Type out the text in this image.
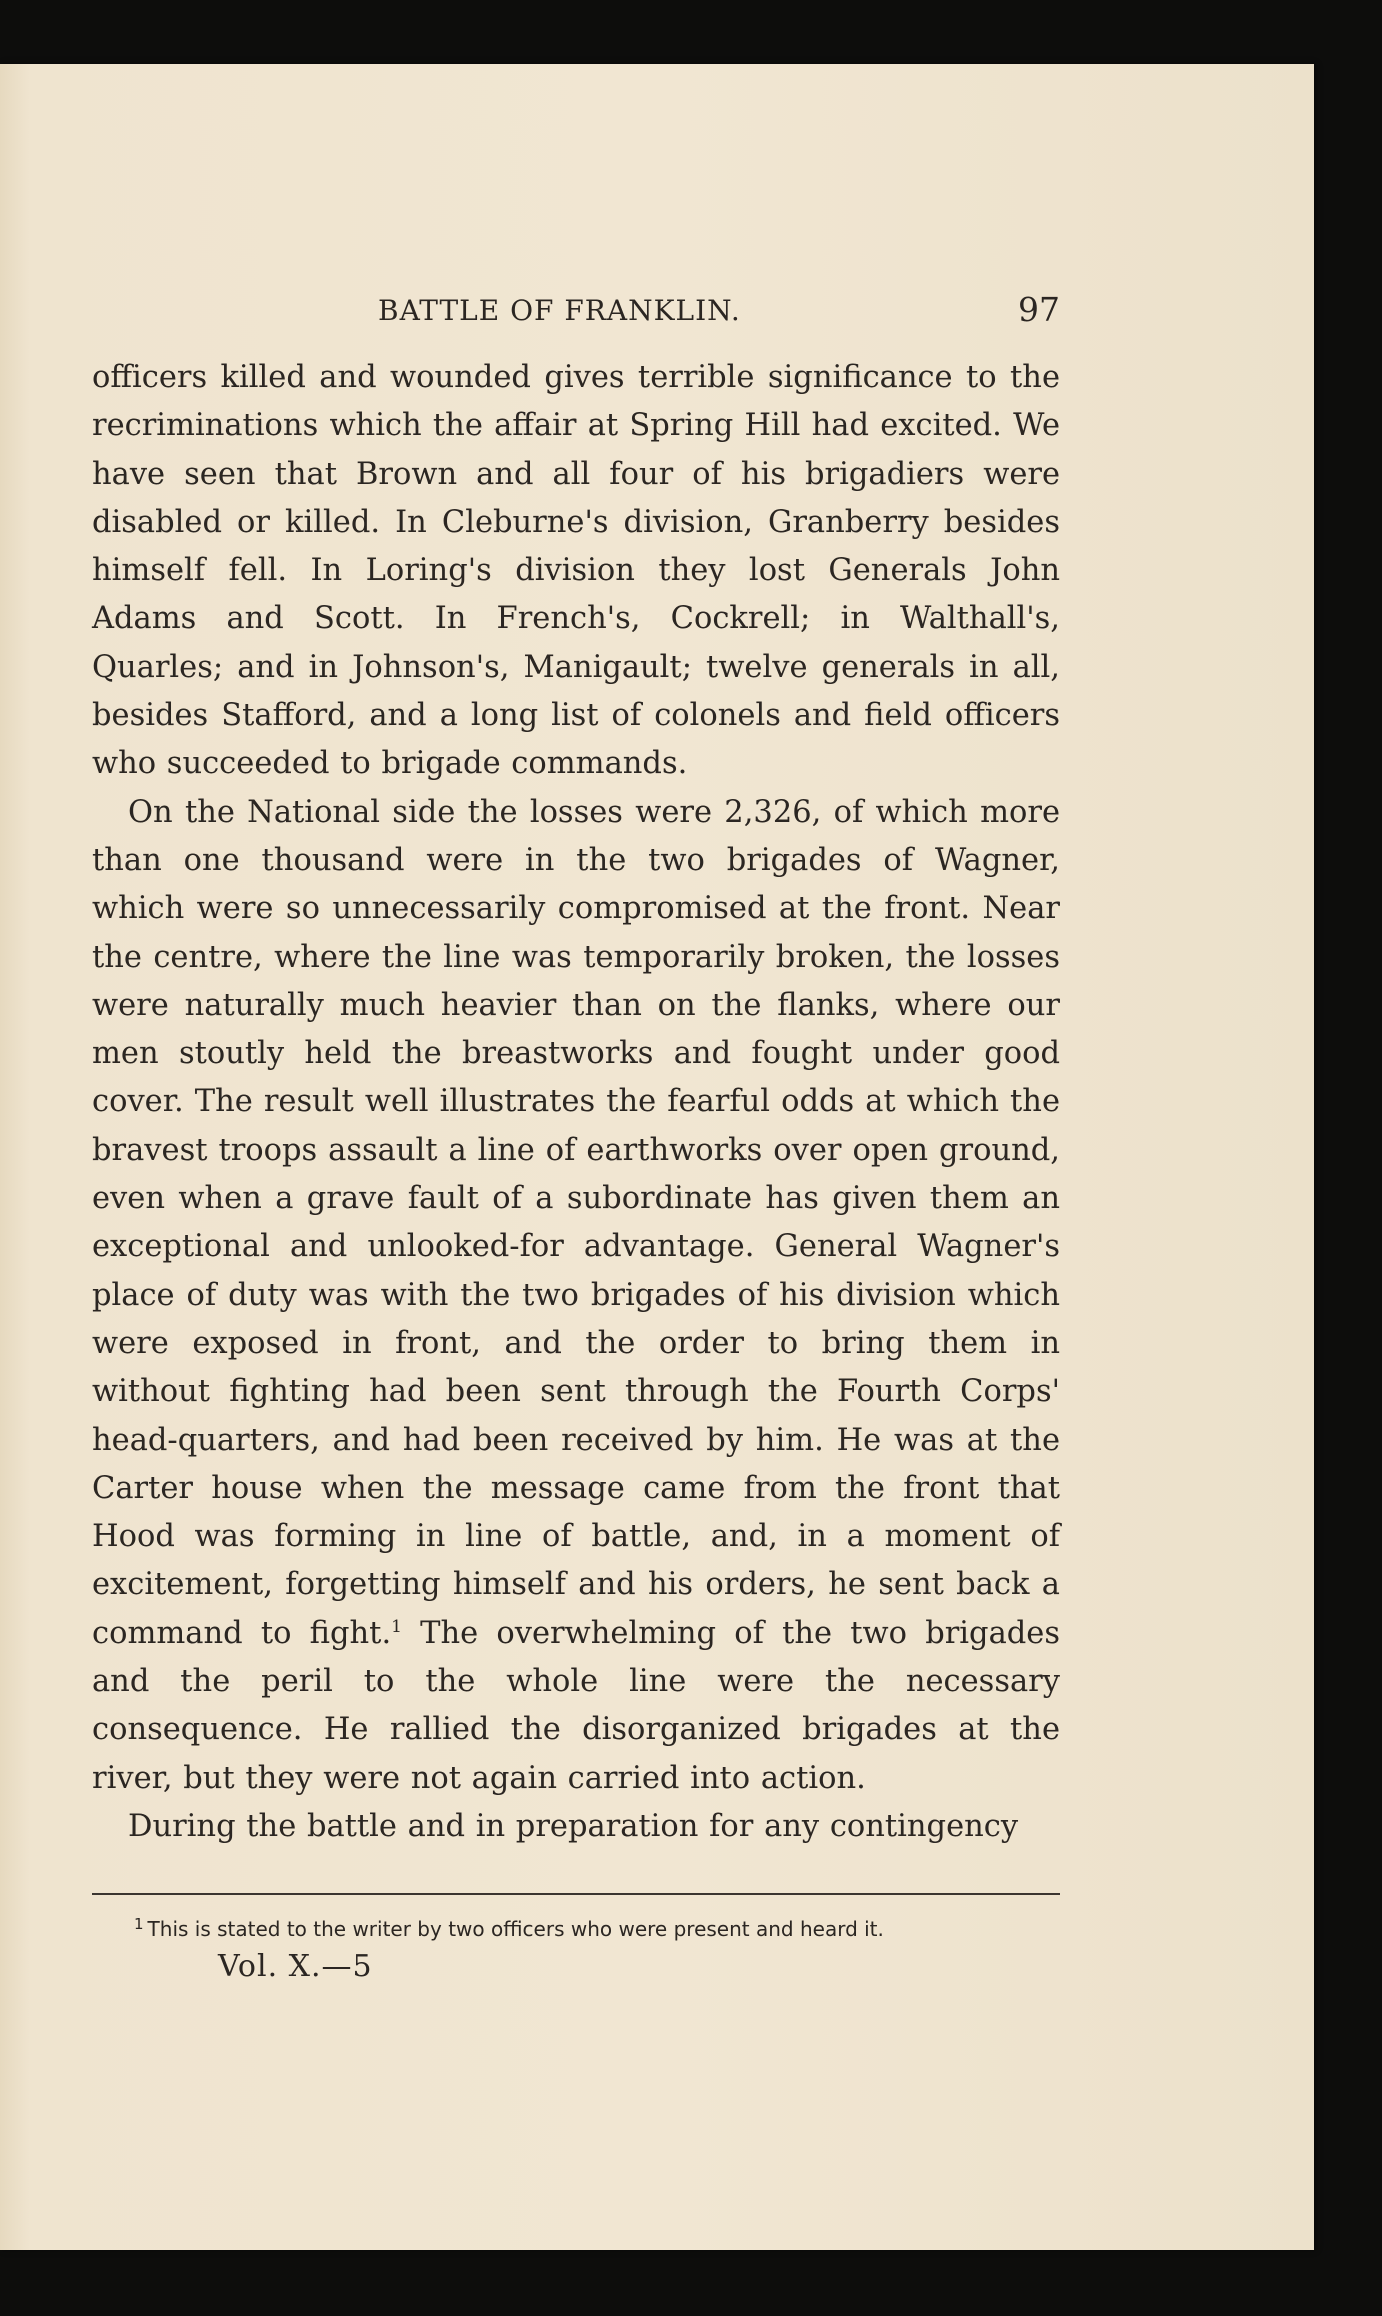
BATTLE OF FRANKLIN.	97

officers killed and wounded gives terrible significance to the recriminations which the affair at Spring Hill had excited. We have seen that Brown and all four of his brigadiers were disabled or killed. In Cleburne's division, Granberry besides himself fell. In Loring's division they lost Generals John Adams and Scott. In French's, Cockrell; in Walthall's, Quarles; and in Johnson's, Manigault; twelve generals in all, besides Stafford, and a long list of colonels and field officers who succeeded to brigade commands.

On the National side the losses were 2,326, of which more than one thousand were in the two brigades of Wagner, which were so unnecessarily compromised at the front. Near the centre, where the line was temporarily broken, the losses were naturally much heavier than on the flanks, where our men stoutly held the breastworks and fought under good cover. The result well illustrates the fearful odds at which the bravest troops assault a line of earthworks over open ground, even when a grave fault of a subordinate has given them an exceptional and unlooked-for advantage. General Wagner's place of duty was with the two brigades of his division which were exposed in front, and the order to bring them in without fighting had been sent through the Fourth Corps' head-quarters, and had been received by him. He was at the Carter house when the message came from the front that Hood was forming in line of battle, and, in a moment of excitement, forgetting himself and his orders, he sent back a command to fight.$^1$ The overwhelming of the two brigades and the peril to the whole line were the necessary consequence. He rallied the disorganized brigades at the river, but they were not again carried into action.

During the battle and in preparation for any contingency

$^1$ This is stated to the writer by two officers who were present and heard it.
Vol. X.—5
